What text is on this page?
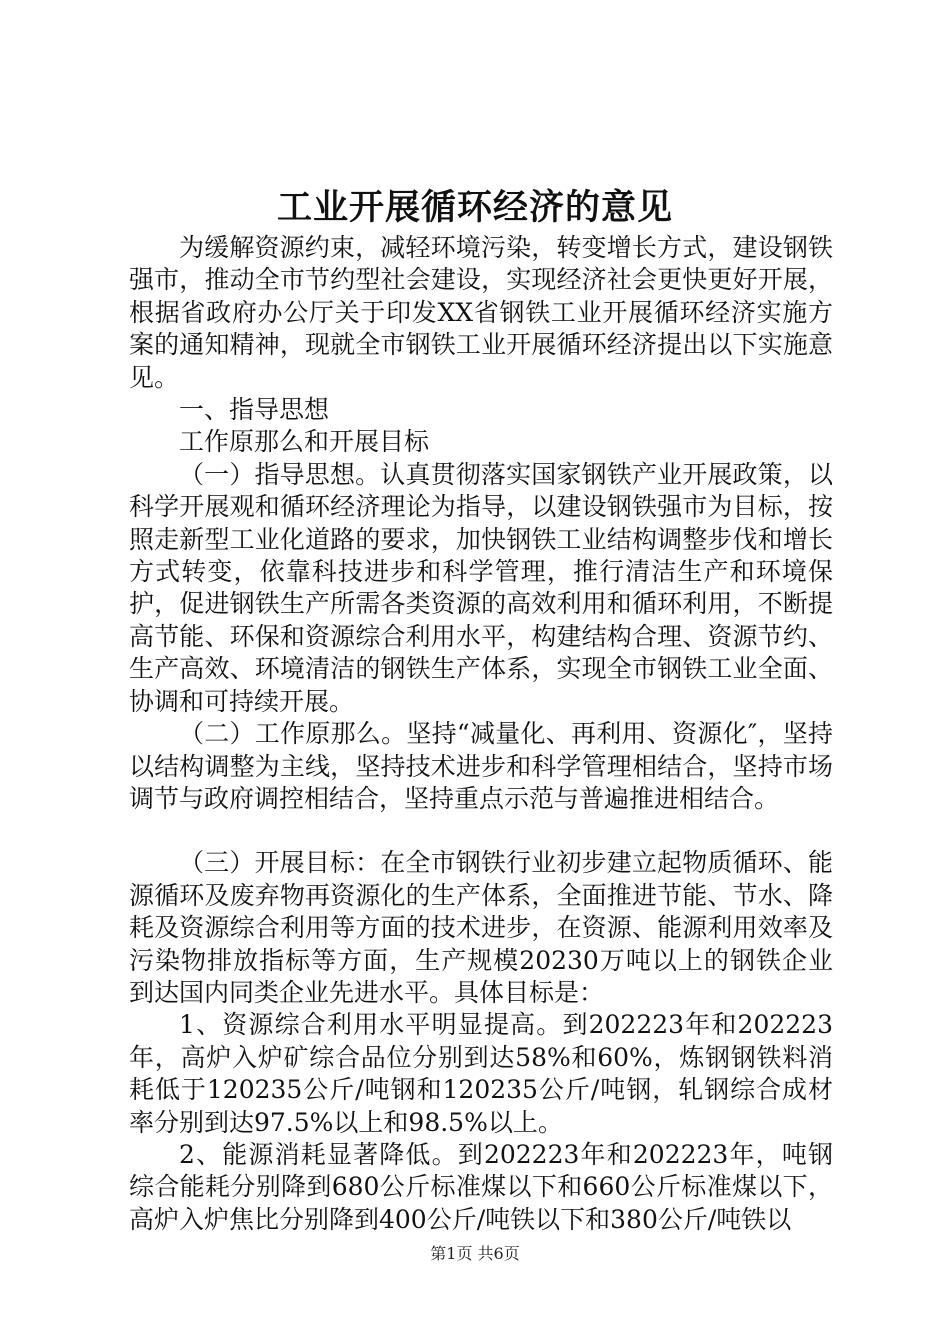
工业开展循环经济的意见

为缓解资源约束，减轻环境污染，转变增长方式，建设钢铁强市，推动全市节约型社会建设，实现经济社会更快更好开展，根据省政府办公厅关于印发XX省钢铁工业开展循环经济实施方案的通知精神，现就全市钢铁工业开展循环经济提出以下实施意见。

一、指导思想

工作原那么和开展目标

（一）指导思想。认真贯彻落实国家钢铁产业开展政策，以科学开展观和循环经济理论为指导，以建设钢铁强市为目标，按照走新型工业化道路的要求，加快钢铁工业结构调整步伐和增长方式转变，依靠科技进步和科学管理，推行清洁生产和环境保护，促进钢铁生产所需各类资源的高效利用和循环利用，不断提高节能、环保和资源综合利用水平，构建结构合理、资源节约、生产高效、环境清洁的钢铁生产体系，实现全市钢铁工业全面、协调和可持续开展。

（二）工作原那么。坚持“减量化、再利用、资源化″，坚持以结构调整为主线，坚持技术进步和科学管理相结合，坚持市场调节与政府调控相结合，坚持重点示范与普遍推进相结合。

（三）开展目标：在全市钢铁行业初步建立起物质循环、能源循环及废弃物再资源化的生产体系，全面推进节能、节水、降耗及资源综合利用等方面的技术进步，在资源、能源利用效率及污染物排放指标等方面，生产规模20230万吨以上的钢铁企业到达国内同类企业先进水平。具体目标是：

1、资源综合利用水平明显提高。到202223年和202223年，高炉入炉矿综合品位分别到达58%和60%，炼钢钢铁料消耗低于120235公斤/吨钢和120235公斤/吨钢，轧钢综合成材率分别到达97.5%以上和98.5%以上。

2、能源消耗显著降低。到202223年和202223年，吨钢综合能耗分别降到680公斤标准煤以下和660公斤标准煤以下，高炉入炉焦比分别降到400公斤/吨铁以下和380公斤/吨铁以

第1页 共6页
